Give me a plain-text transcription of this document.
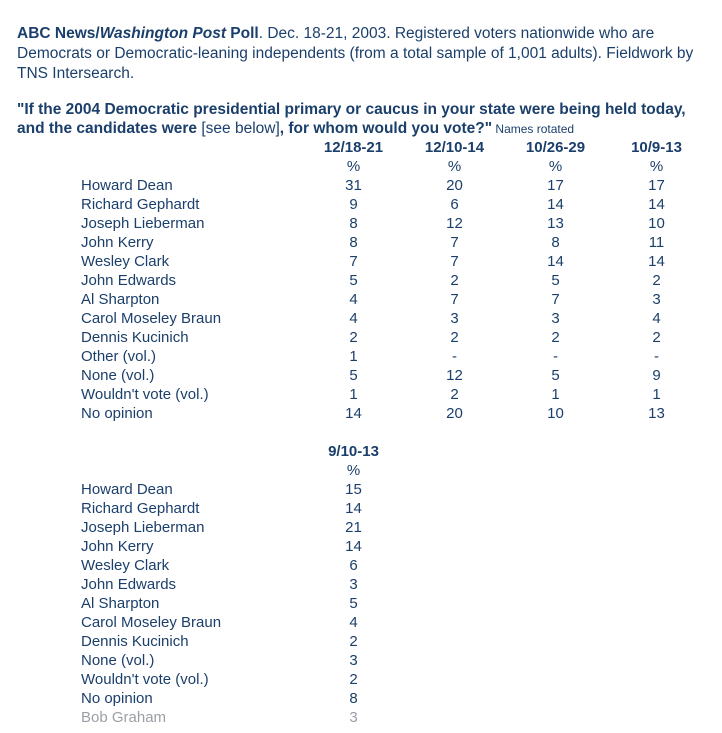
ABC News/Washington Post Poll. Dec. 18-21, 2003. Registered voters nationwide who are Democrats or Democratic-leaning independents (from a total sample of 1,001 adults). Fieldwork by TNS Intersearch.
"If the 2004 Democratic presidential primary or caucus in your state were being held today, and the candidates were [see below], for whom would you vote?" Names rotated
	12/18-21	12/10-14	10/26-29	10/9-13
	%	%	%	%
Howard Dean	31	20	17	17
Richard Gephardt	9	6	14	14
Joseph Lieberman	8	12	13	10
John Kerry	8	7	8	11
Wesley Clark	7	7	14	14
John Edwards	5	2	5	2
Al Sharpton	4	7	7	3
Carol Moseley Braun	4	3	3	4
Dennis Kucinich	2	2	2	2
Other (vol.)	1	-	-	-
None (vol.)	5	12	5	9
Wouldn't vote (vol.)	1	2	1	1
No opinion	14	20	10	13
	9/10-13
	%
Howard Dean	15
Richard Gephardt	14
Joseph Lieberman	21
John Kerry	14
Wesley Clark	6
John Edwards	3
Al Sharpton	5
Carol Moseley Braun	4
Dennis Kucinich	2
None (vol.)	3
Wouldn't vote (vol.)	2
No opinion	8
Bob Graham	3
